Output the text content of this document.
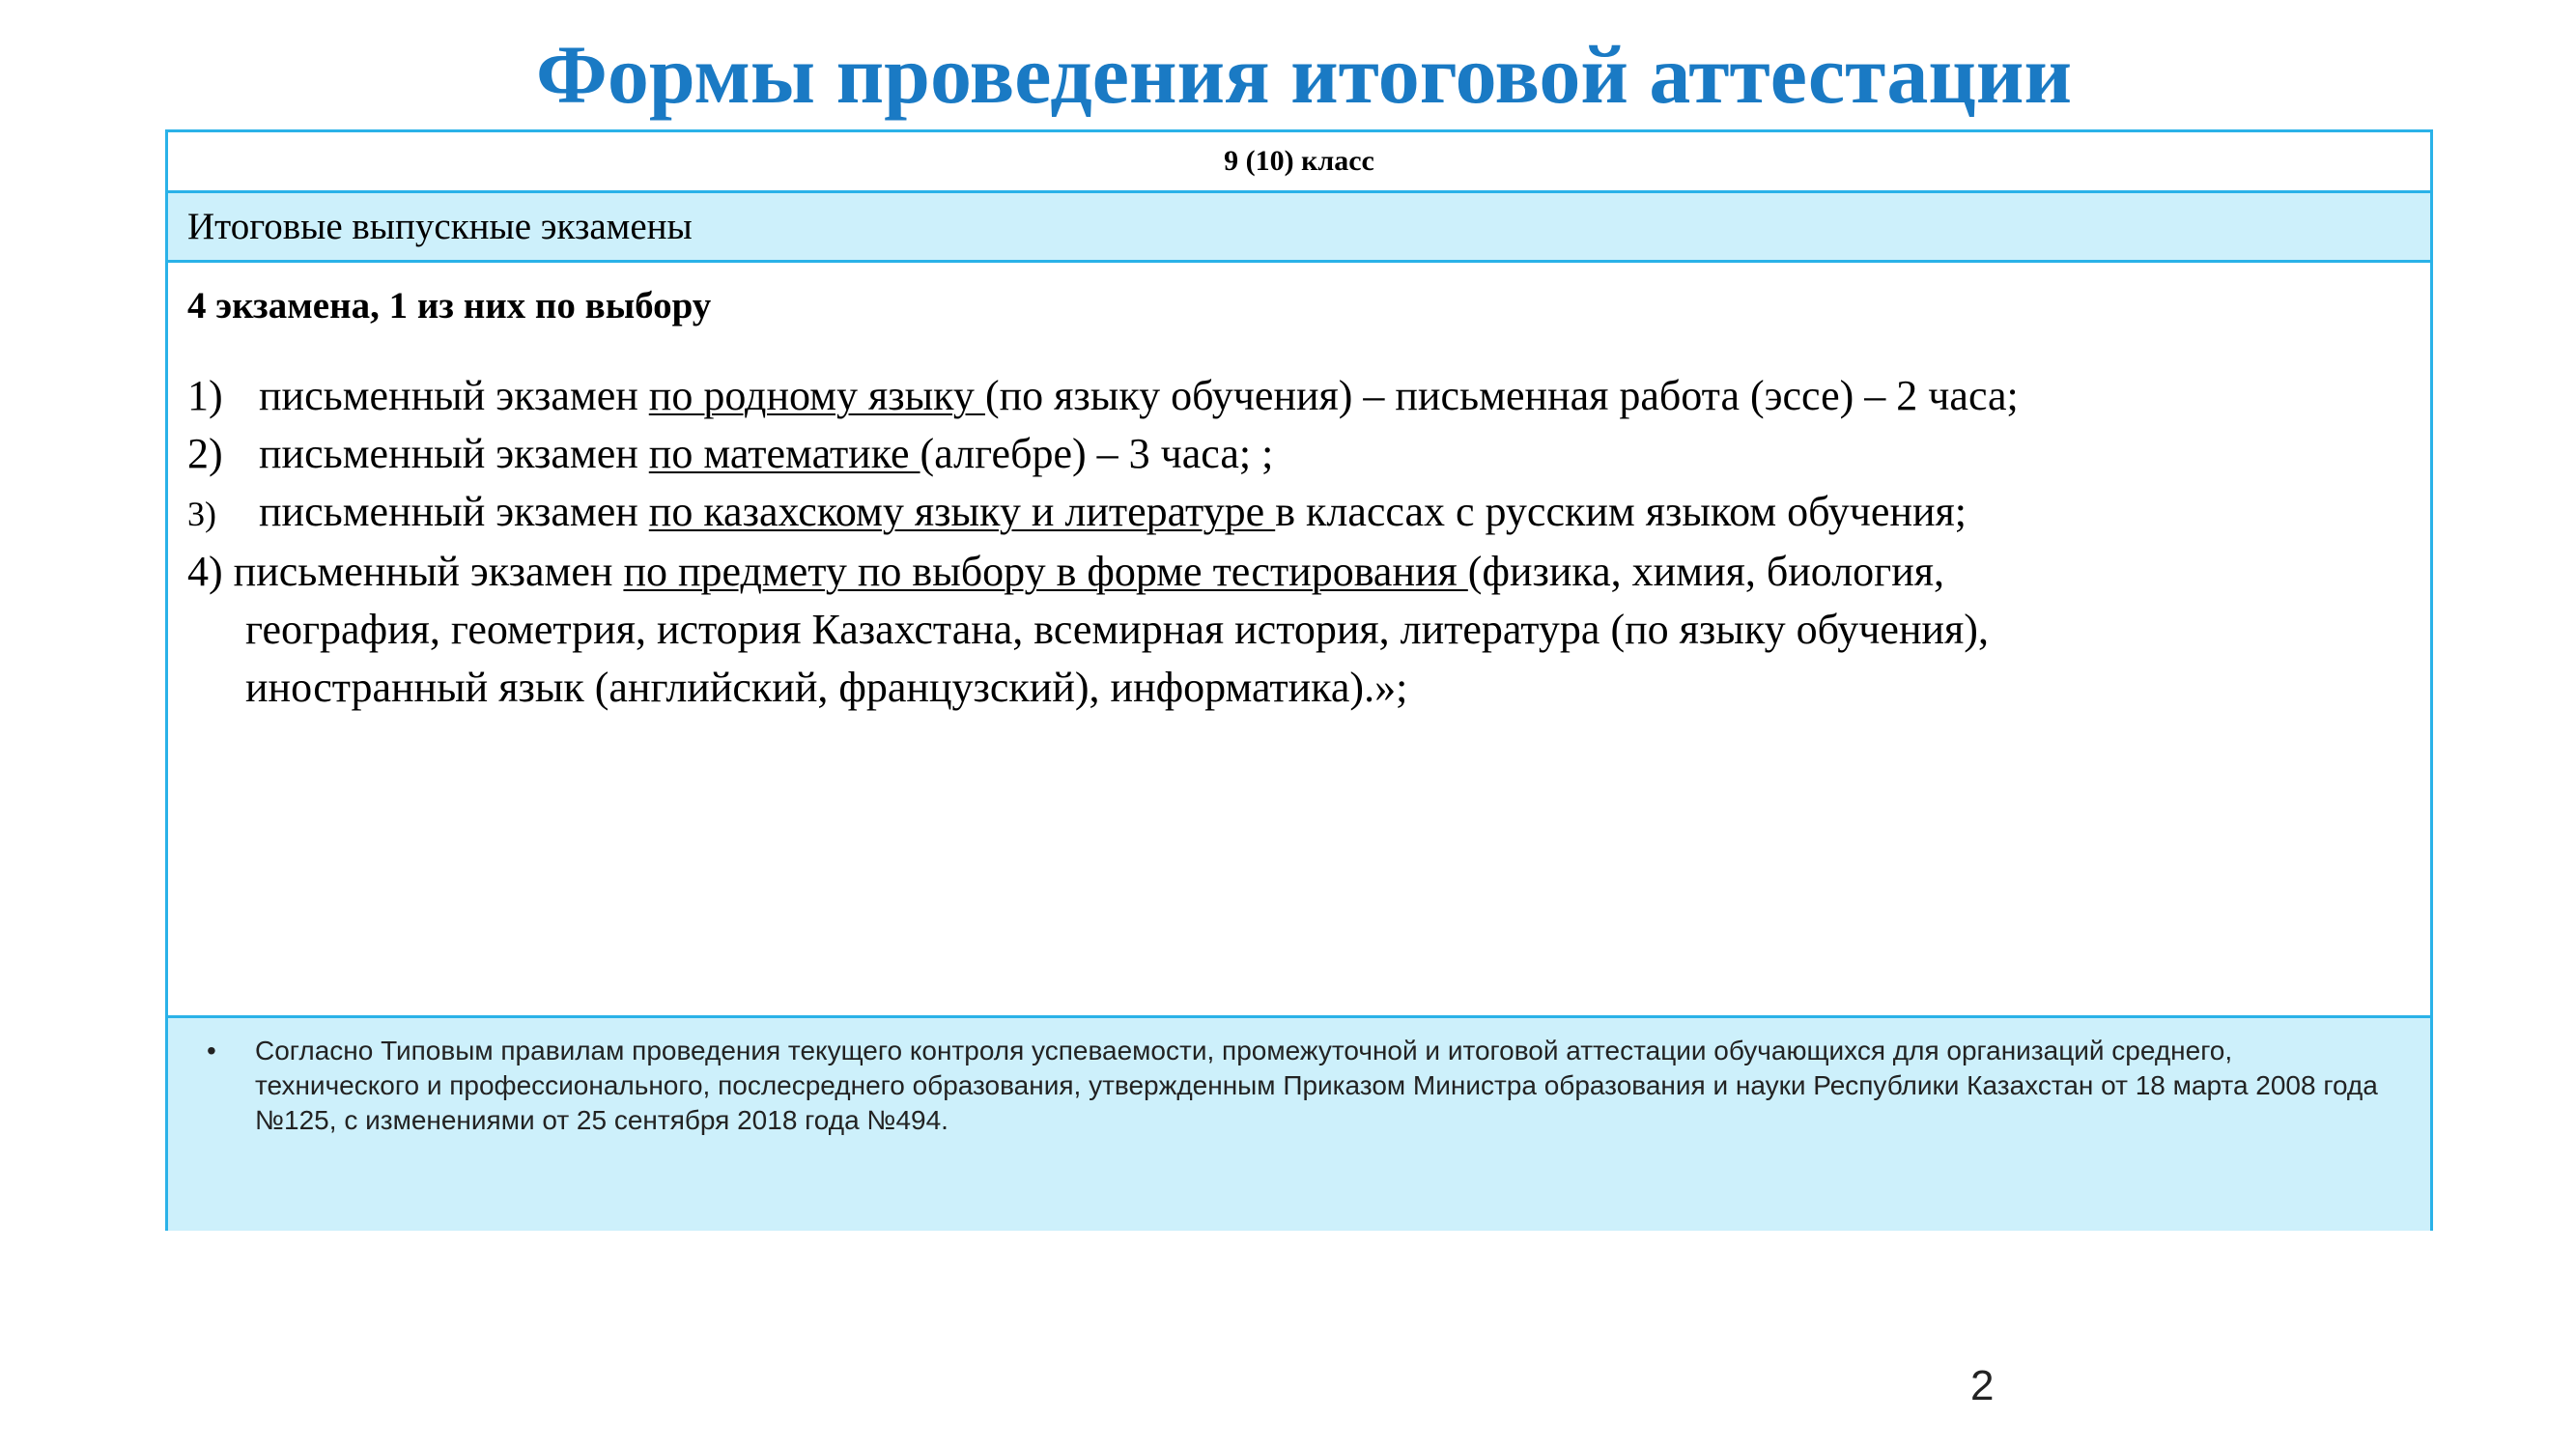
Формы проведения итоговой аттестации
9 (10) класс
Итоговые выпускные экзамены

4 экзамена, 1 из них по выбору

1) письменный экзамен по родному языку (по языку обучения) – письменная работа (эссе) – 2 часа;

2) письменный экзамен по математике (алгебре) – 3 часа; ;

3) письменный экзамен по казахскому языку и литературе в классах с русским языком обучения;

4) письменный экзамен по предмету по выбору в форме тестирования (физика, химия, биология,
география, геометрия, история Казахстана, всемирная история, литература (по языку обучения),
иностранный язык (английский, французский), информатика).»;
• Согласно Типовым правилам проведения текущего контроля успеваемости, промежуточной и итоговой аттестации обучающихся для организаций среднего, технического и профессионального, послесреднего образования, утвержденным Приказом Министра образования и науки Республики Казахстан от 18 марта 2008 года №125, с изменениями от 25 сентября 2018 года №494.
2
